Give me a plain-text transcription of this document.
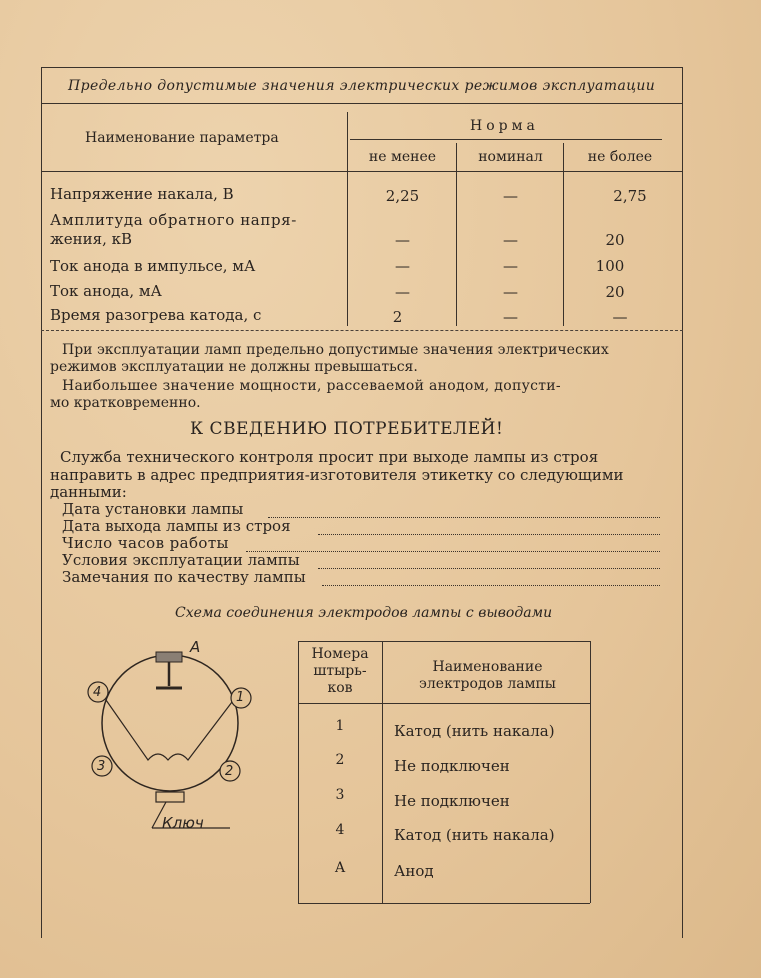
Предельно допустимые значения электрических режимов эксплуатации
Наименование параметра
Норма
не менее	номинал	не более
Напряжение накала, В	2,25	—	2,75
Амплитуда обратного напря-
жения, кВ	—	—	20
Ток анода в импульсе, мА	—	—	100
Ток анода, мА	—	—	20
Время разогрева катода, с	2	—	—
При эксплуатации ламп предельно допустимые значения электрических
режимов эксплуатации не должны превышаться.
Наибольшее значение мощности, рассеваемой анодом, допусти-
мо кратковременно.
К СВЕДЕНИЮ ПОТРЕБИТЕЛЕЙ!
Служба технического контроля просит при выходе лампы из строя
направить в адрес предприятия-изготовителя этикетку со следующими
данными:
Дата установки лампы
Дата выхода лампы из строя
Число часов работы
Условия эксплуатации лампы
Замечания по качеству лампы
Схема соединения электродов лампы с выводами
1
2
3
4
А
Ключ
Номера
штырь-
ков
Наименование
электродов лампы
1	Катод (нить накала)
2	Не подключен
3	Не подключен
4	Катод (нить накала)
А	Анод
